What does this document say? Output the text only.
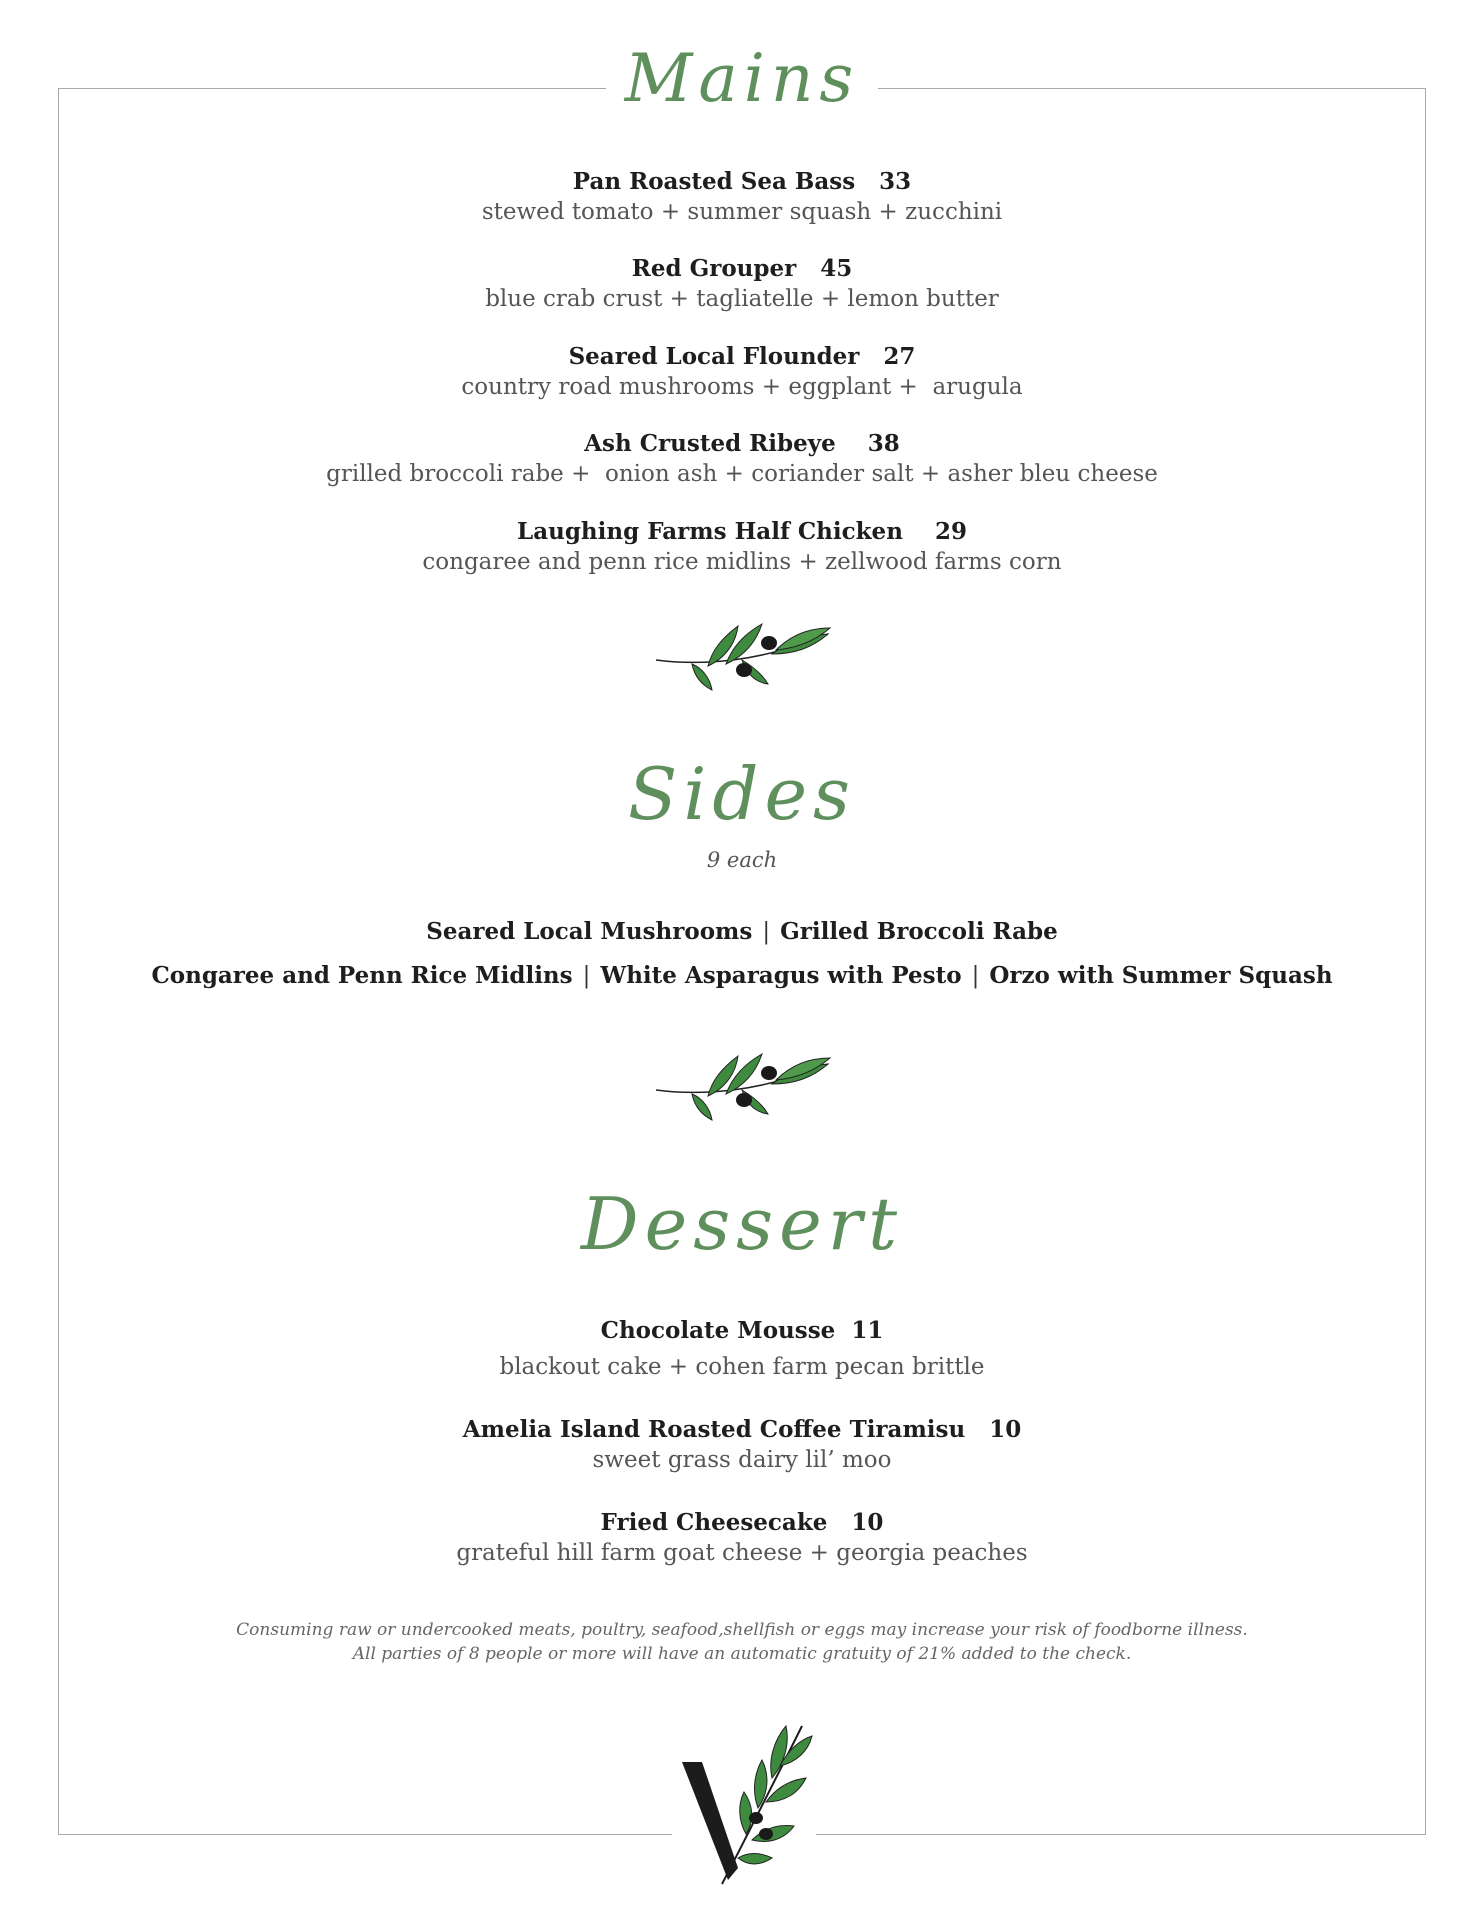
Mains
Pan Roasted Sea Bass   33
stewed tomato + summer squash + zucchini
Red Grouper   45
blue crab crust + tagliatelle + lemon butter
Seared Local Flounder   27
country road mushrooms + eggplant +  arugula
Ash Crusted Ribeye    38
grilled broccoli rabe +  onion ash + coriander salt + asher bleu cheese
Laughing Farms Half Chicken    29
congaree and penn rice midlins + zellwood farms corn
Sides
9 each
Seared Local Mushrooms | Grilled Broccoli Rabe
Congaree and Penn Rice Midlins | White Asparagus with Pesto | Orzo with Summer Squash
Dessert
Chocolate Mousse  11
blackout cake + cohen farm pecan brittle
Amelia Island Roasted Coffee Tiramisu   10
sweet grass dairy lil’ moo
Fried Cheesecake   10
grateful hill farm goat cheese + georgia peaches
Consuming raw or undercooked meats, poultry, seafood,shellfish or eggs may increase your risk of foodborne illness.
All parties of 8 people or more will have an automatic gratuity of 21% added to the check.
